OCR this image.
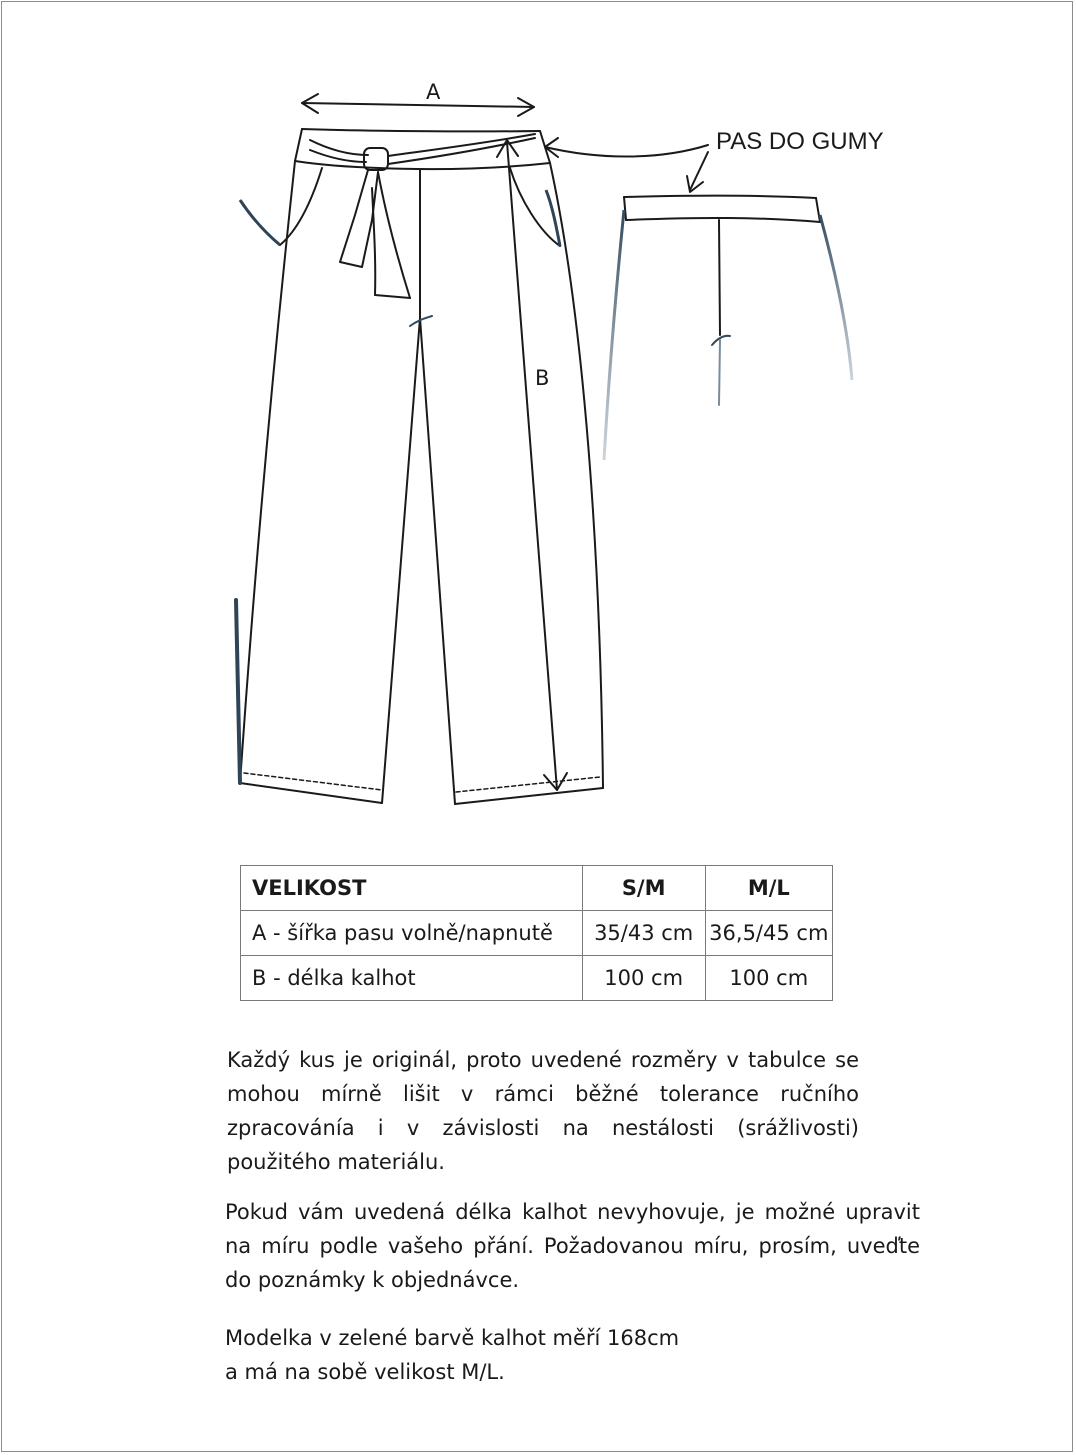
A
B
PAS DO GUMY
VELIKOST	S/M	M/L
A - šířka pasu volně/napnutě	35/43 cm	36,5/45 cm
B - délka kalhot	100 cm	100 cm
Každý kus je originál, proto uvedené rozměry v tabulce se mohou mírně lišit v rámci běžné tolerance ručního zpracovánía i v závislosti na nestálosti (srážlivosti) použitého materiálu.
Pokud vám uvedená délka kalhot nevyhovuje, je možné upravit na míru podle vašeho přání. Požadovanou míru, prosím, uveďte do poznámky k objednávce.
Modelka v zelené barvě kalhot měří 168cm
a má na sobě velikost M/L.
